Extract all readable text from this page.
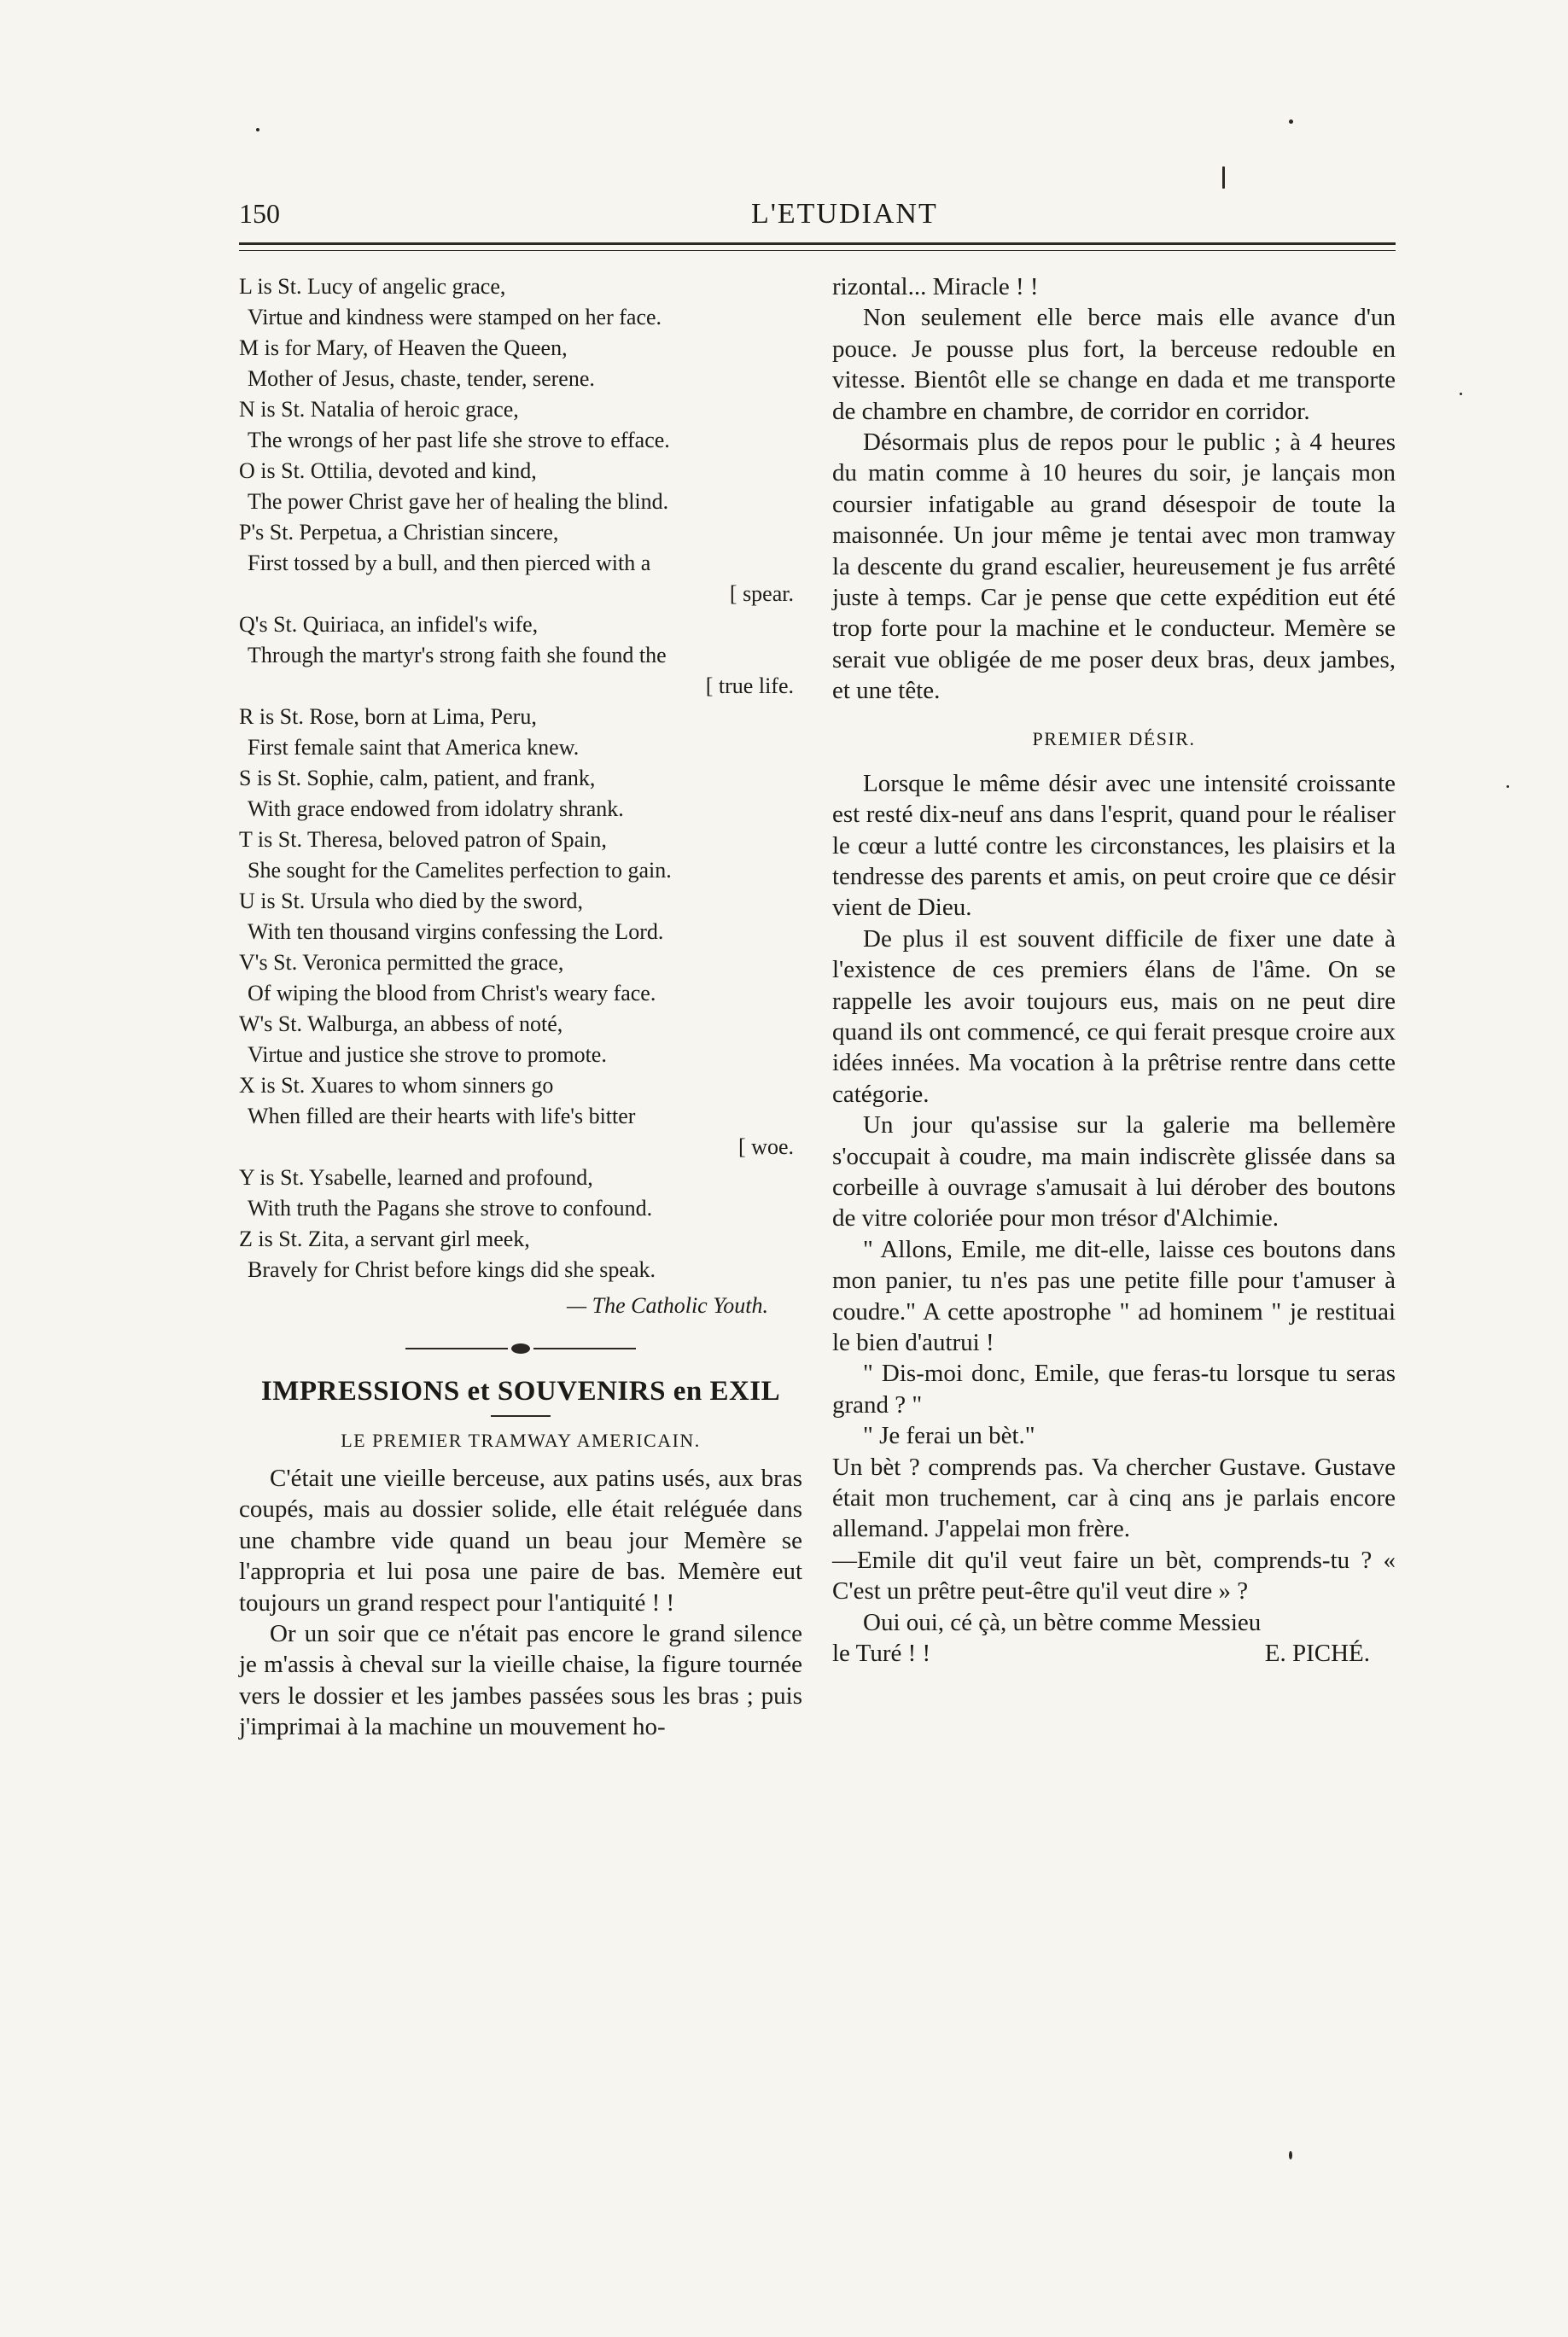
150	L'ETUDIANT
L is St. Lucy of angelic grace,
Virtue and kindness were stamped on her face.
M is for Mary, of Heaven the Queen,
Mother of Jesus, chaste, tender, serene.
N is St. Natalia of heroic grace,
The wrongs of her past life she strove to efface.
O is St. Ottilia, devoted and kind,
The power Christ gave her of healing the blind.
P's St. Perpetua, a Christian sincere,
First tossed by a bull, and then pierced with a
[ spear.
Q's St. Quiriaca, an infidel's wife,
Through the martyr's strong faith she found the
[ true life.
R is St. Rose, born at Lima, Peru,
First female saint that America knew.
S is St. Sophie, calm, patient, and frank,
With grace endowed from idolatry shrank.
T is St. Theresa, beloved patron of Spain,
She sought for the Camelites perfection to gain.
U is St. Ursula who died by the sword,
With ten thousand virgins confessing the Lord.
V's St. Veronica permitted the grace,
Of wiping the blood from Christ's weary face.
W's St. Walburga, an abbess of noté,
Virtue and justice she strove to promote.
X is St. Xuares to whom sinners go
When filled are their hearts with life's bitter
[ woe.
Y is St. Ysabelle, learned and profound,
With truth the Pagans she strove to confound.
Z is St. Zita, a servant girl meek,
Bravely for Christ before kings did she speak.
— The Catholic Youth.
IMPRESSIONS et SOUVENIRS en EXIL
LE PREMIER TRAMWAY AMERICAIN.

C'était une vieille berceuse, aux patins usés, aux bras coupés, mais au dossier solide, elle était reléguée dans une chambre vide quand un beau jour Memère se l'appropria et lui posa une paire de bas. Memère eut toujours un grand respect pour l'antiquité ! !

Or un soir que ce n'était pas encore le grand silence je m'assis à cheval sur la vieille chaise, la figure tournée vers le dossier et les jambes passées sous les bras ; puis j'imprimai à la machine un mouvement ho-

rizontal... Miracle ! !

Non seulement elle berce mais elle avance d'un pouce. Je pousse plus fort, la berceuse redouble en vitesse. Bientôt elle se change en dada et me transporte de chambre en chambre, de corridor en corridor.

Désormais plus de repos pour le public ; à 4 heures du matin comme à 10 heures du soir, je lançais mon coursier infatigable au grand désespoir de toute la maisonnée. Un jour même je tentai avec mon tramway la descente du grand escalier, heureusement je fus arrêté juste à temps. Car je pense que cette expédition eut été trop forte pour la machine et le conducteur. Memère se serait vue obligée de me poser deux bras, deux jambes, et une tête.

PREMIER DÉSIR.

Lorsque le même désir avec une intensité croissante est resté dix-neuf ans dans l'esprit, quand pour le réaliser le cœur a lutté contre les circonstances, les plaisirs et la tendresse des parents et amis, on peut croire que ce désir vient de Dieu.

De plus il est souvent difficile de fixer une date à l'existence de ces premiers élans de l'âme. On se rappelle les avoir toujours eus, mais on ne peut dire quand ils ont commencé, ce qui ferait presque croire aux idées innées. Ma vocation à la prêtrise rentre dans cette catégorie.

Un jour qu'assise sur la galerie ma bellemère s'occupait à coudre, ma main indiscrète glissée dans sa corbeille à ouvrage s'amusait à lui dérober des boutons de vitre coloriée pour mon trésor d'Alchimie.

" Allons, Emile, me dit-elle, laisse ces boutons dans mon panier, tu n'es pas une petite fille pour t'amuser à coudre." A cette apostrophe " ad hominem " je restituai le bien d'autrui !

" Dis-moi donc, Emile, que feras-tu lorsque tu seras grand ? "

" Je ferai un bèt."

Un bèt ? comprends pas. Va chercher Gustave. Gustave était mon truchement, car à cinq ans je parlais encore allemand. J'appelai mon frère.

—Emile dit qu'il veut faire un bèt, comprends-tu ? « C'est un prêtre peut-être qu'il veut dire » ?

Oui oui, cé çà, un bètre comme Messieu

le Turé ! !	E. PICHÉ.
